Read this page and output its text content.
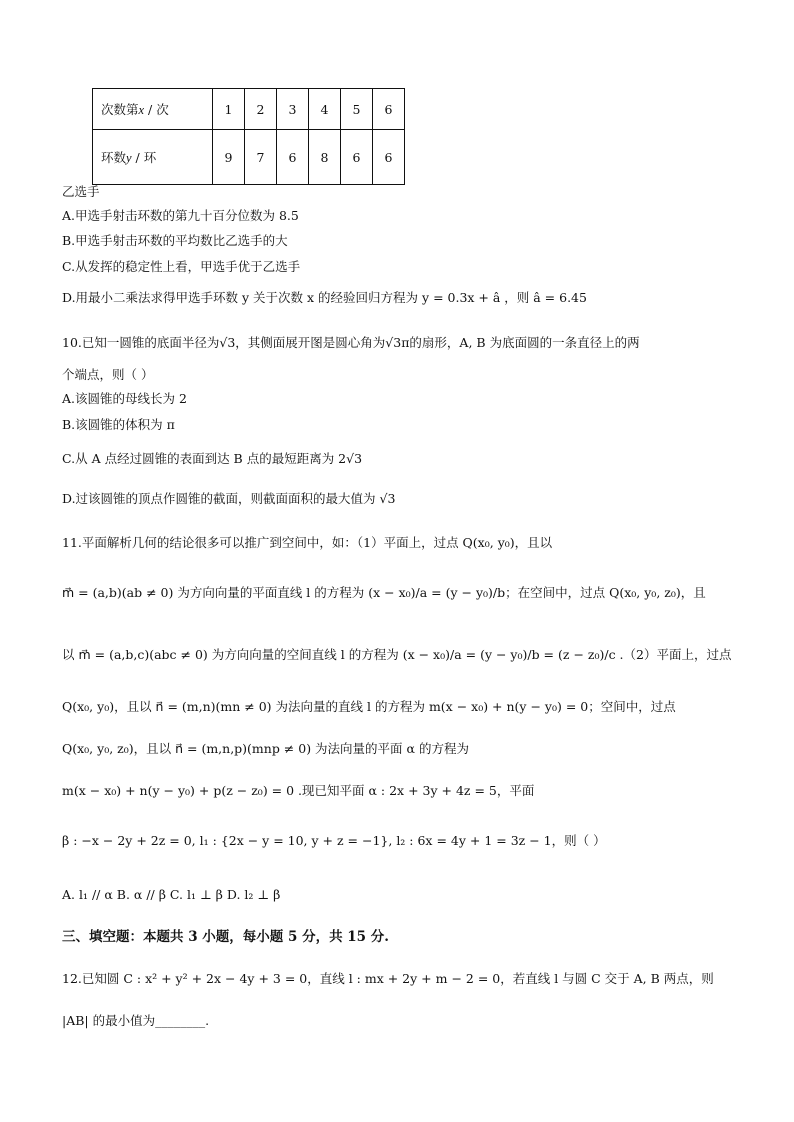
次数第x / 次	1	2	3	4	5	6
环数y / 环	9	7	6	8	6	6
乙选手
A.甲选手射击环数的第九十百分位数为 8.5
B.甲选手射击环数的平均数比乙选手的大
C.从发挥的稳定性上看，甲选手优于乙选手
D.用最小二乘法求得甲选手环数 y 关于次数 x 的经验回归方程为 y = 0.3x + â ，则 â = 6.45
10.已知一圆锥的底面半径为√3，其侧面展开图是圆心角为√3π的扇形，A, B 为底面圆的一条直径上的两
个端点，则（ ）
A.该圆锥的母线长为 2
B.该圆锥的体积为 π
C.从 A 点经过圆锥的表面到达 B 点的最短距离为 2√3
D.过该圆锥的顶点作圆锥的截面，则截面面积的最大值为 √3
11.平面解析几何的结论很多可以推广到空间中，如：（1）平面上，过点 Q(x₀, y₀)，且以
m⃗ = (a,b)(ab ≠ 0) 为方向向量的平面直线 l 的方程为 (x − x₀)/a = (y − y₀)/b；在空间中，过点 Q(x₀, y₀, z₀)，且
以 m⃗ = (a,b,c)(abc ≠ 0) 为方向向量的空间直线 l 的方程为 (x − x₀)/a = (y − y₀)/b = (z − z₀)/c .（2）平面上，过点
Q(x₀, y₀)，且以 n⃗ = (m,n)(mn ≠ 0) 为法向量的直线 l 的方程为 m(x − x₀) + n(y − y₀) = 0；空间中，过点
Q(x₀, y₀, z₀)，且以 n⃗ = (m,n,p)(mnp ≠ 0) 为法向量的平面 α 的方程为
m(x − x₀) + n(y − y₀) + p(z − z₀) = 0 .现已知平面 α : 2x + 3y + 4z = 5，平面
β : −x − 2y + 2z = 0, l₁ : {2x − y = 10, y + z = −1}, l₂ : 6x = 4y + 1 = 3z − 1，则（ ）
A. l₁ // α B. α // β C. l₁ ⊥ β D. l₂ ⊥ β
三、填空题：本题共 3 小题，每小题 5 分，共 15 分.
12.已知圆 C : x² + y² + 2x − 4y + 3 = 0，直线 l : mx + 2y + m − 2 = 0，若直线 l 与圆 C 交于 A, B 两点，则
|AB| 的最小值为________.
